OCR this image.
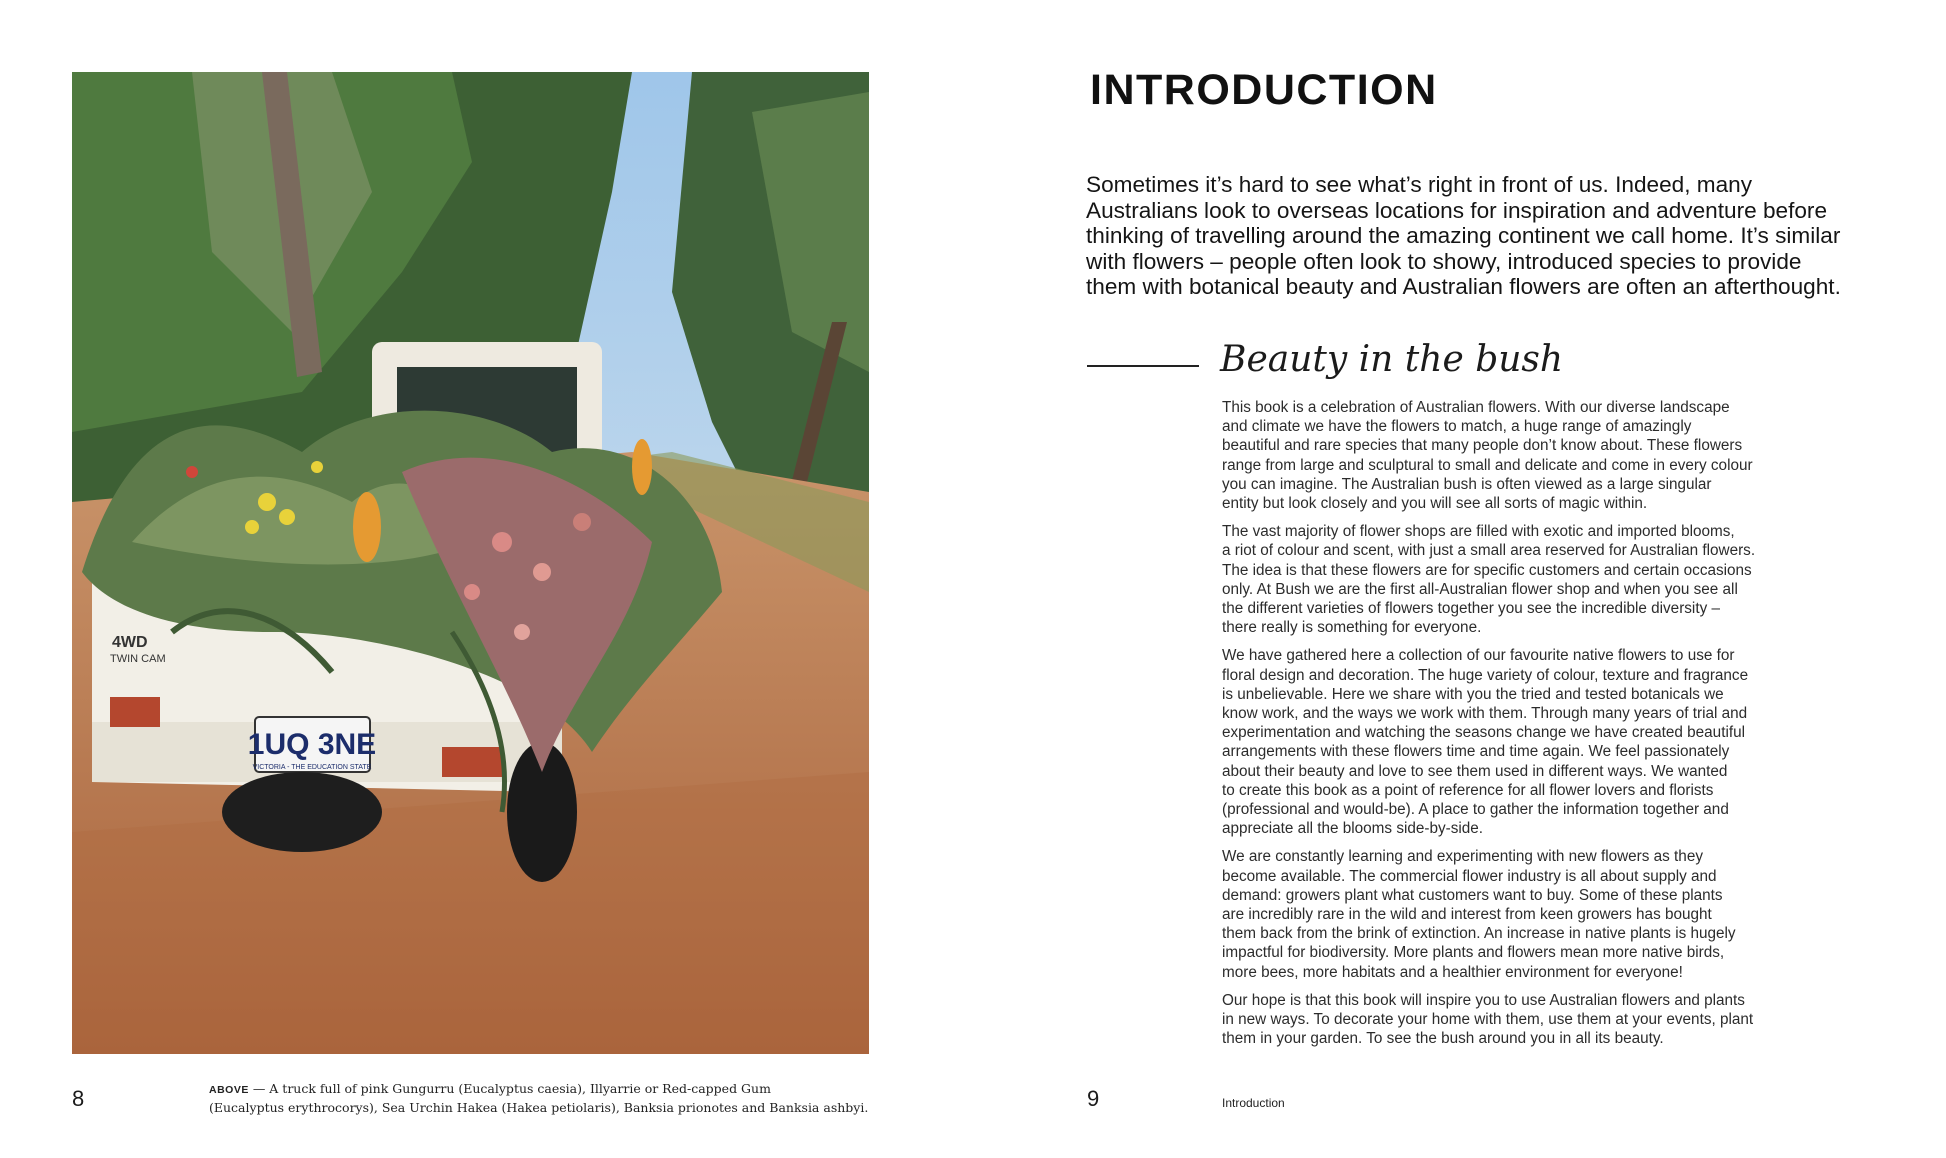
1UQ 3NE
VICTORIA - THE EDUCATION STATE
4WD
TWIN CAM
8	ABOVE — A truck full of pink Gungurru (Eucalyptus caesia), Illyarrie or Red-capped Gum
(Eucalyptus erythrocorys), Sea Urchin Hakea (Hakea petiolaris), Banksia prionotes and Banksia ashbyi.
INTRODUCTION

Sometimes it’s hard to see what’s right in front of us. Indeed, many

Australians look to overseas locations for inspiration and adventure before

thinking of travelling around the amazing continent we call home. It’s similar

with flowers – people often look to showy, introduced species to provide

them with botanical beauty and Australian flowers are often an afterthought.

Beauty in the bush
This book is a celebration of Australian flowers. With our diverse landscape
and climate we have the flowers to match, a huge range of amazingly
beautiful and rare species that many people don’t know about. These flowers
range from large and sculptural to small and delicate and come in every colour
you can imagine. The Australian bush is often viewed as a large singular
entity but look closely and you will see all sorts of magic within.
The vast majority of flower shops are filled with exotic and imported blooms,
a riot of colour and scent, with just a small area reserved for Australian flowers.
The idea is that these flowers are for specific customers and certain occasions
only. At Bush we are the first all-Australian flower shop and when you see all
the different varieties of flowers together you see the incredible diversity –
there really is something for everyone.
We have gathered here a collection of our favourite native flowers to use for
floral design and decoration. The huge variety of colour, texture and fragrance
is unbelievable. Here we share with you the tried and tested botanicals we
know work, and the ways we work with them. Through many years of trial and
experimentation and watching the seasons change we have created beautiful
arrangements with these flowers time and time again. We feel passionately
about their beauty and love to see them used in different ways. We wanted
to create this book as a point of reference for all flower lovers and florists
(professional and would-be). A place to gather the information together and
appreciate all the blooms side-by-side.
We are constantly learning and experimenting with new flowers as they
become available. The commercial flower industry is all about supply and
demand: growers plant what customers want to buy. Some of these plants
are incredibly rare in the wild and interest from keen growers has bought
them back from the brink of extinction. An increase in native plants is hugely
impactful for biodiversity. More plants and flowers mean more native birds,
more bees, more habitats and a healthier environment for everyone!
Our hope is that this book will inspire you to use Australian flowers and plants
in new ways. To decorate your home with them, use them at your events, plant
them in your garden. To see the bush around you in all its beauty.
9	Introduction
